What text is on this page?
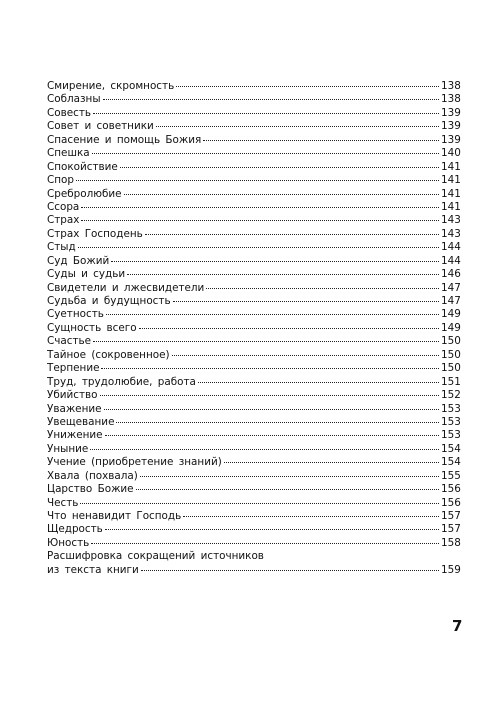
Смирение, скромность	138
Соблазны	138
Совесть	139
Совет и советники	139
Спасение и помощь Божия	139
Спешка	140
Спокойствие	141
Спор	141
Сребролюбие	141
Ссора	141
Страх	143
Страх Господень	143
Стыд	144
Суд Божий	144
Суды и судьи	146
Свидетели и лжесвидетели	147
Судьба и будущность	147
Суетность	149
Сущность всего	149
Счастье	150
Тайное (сокровенное)	150
Терпение	150
Труд, трудолюбие, работа	151
Убийство	152
Уважение	153
Увещевание	153
Унижение	153
Уныние	154
Учение (приобретение знаний)	154
Хвала (похвала)	155
Царство Божие	156
Честь	156
Что ненавидит Господь	157
Щедрость	157
Юность	158
Расшифровка сокращений источников
из текста книги	159
7
